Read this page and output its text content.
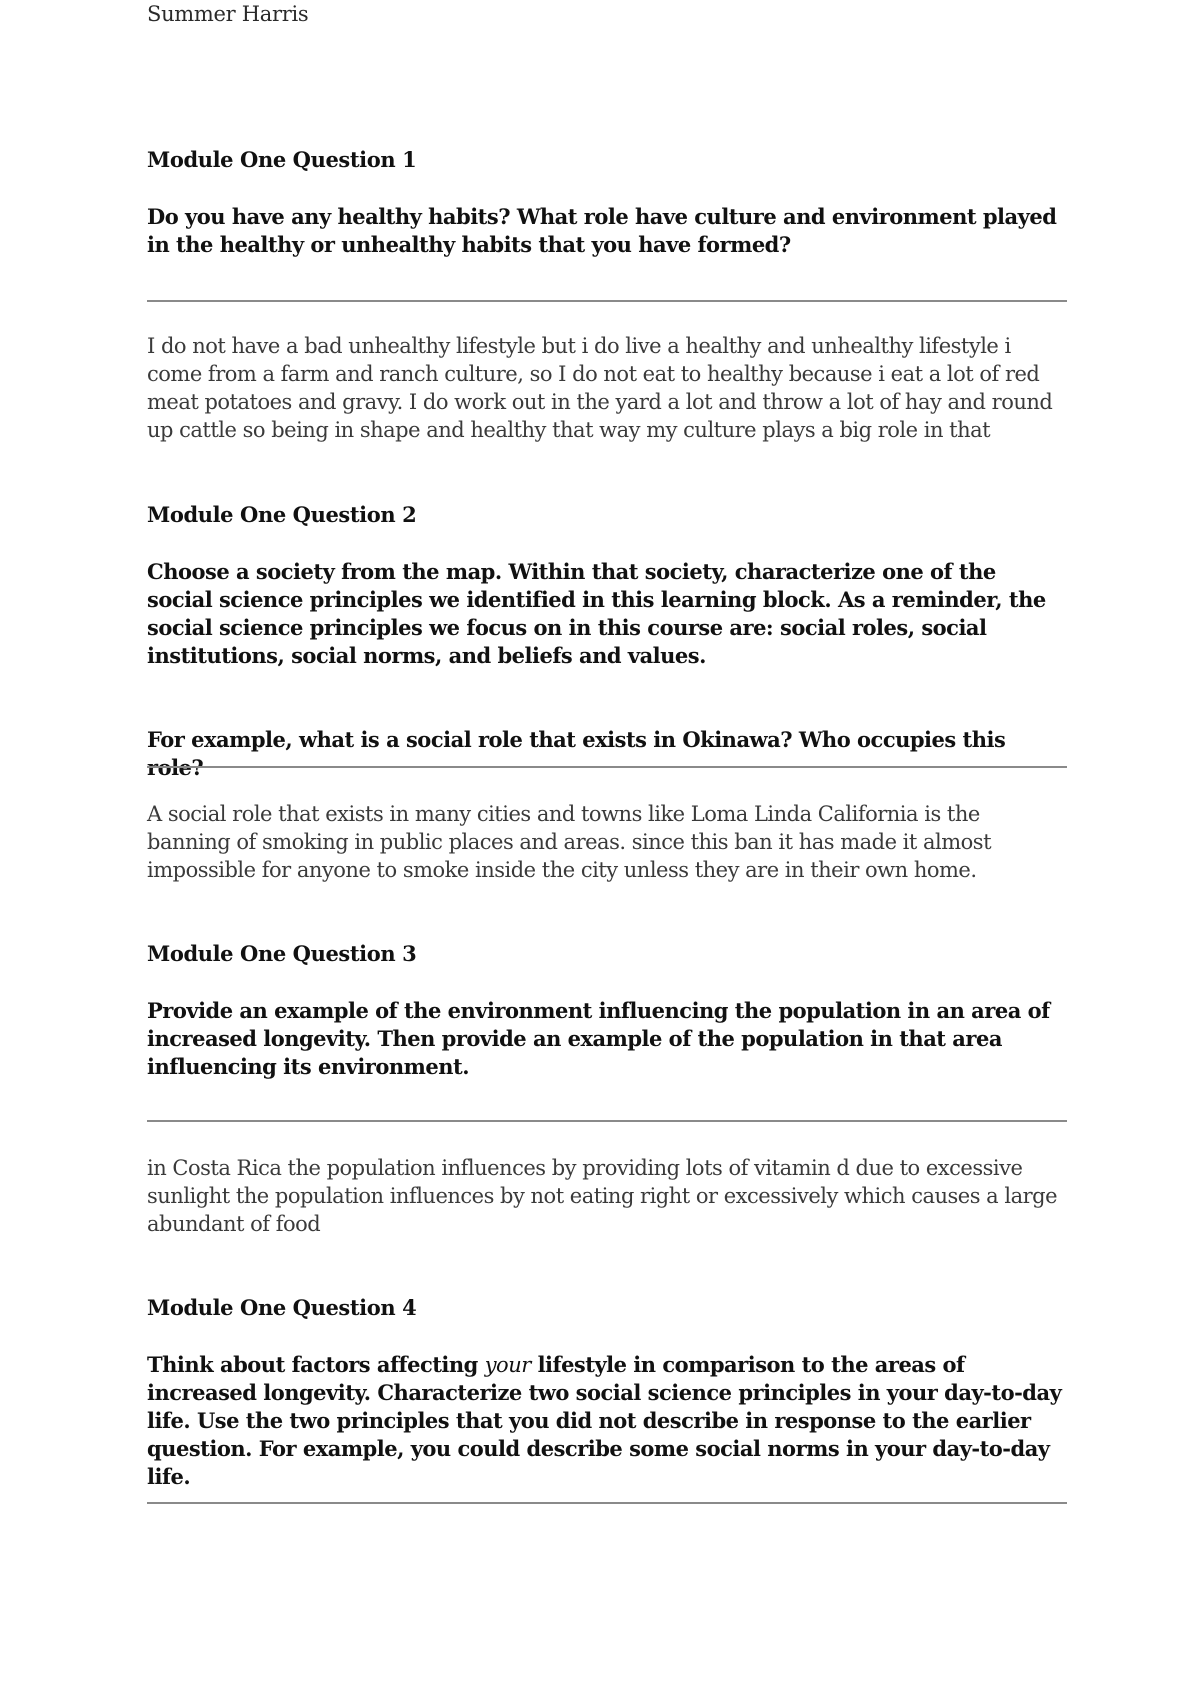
Summer Harris
Module One Question 1
Do you have any healthy habits? What role have culture and environment played in the healthy or unhealthy habits that you have formed?
I do not have a bad unhealthy lifestyle but i do live a healthy and unhealthy lifestyle i come from a farm and ranch culture, so I do not eat to healthy because i eat a lot of red meat potatoes and gravy. I do work out in the yard a lot and throw a lot of hay and round up cattle so being in shape and healthy that way my culture plays a big role in that
Module One Question 2
Choose a society from the map. Within that society, characterize one of the social science principles we identified in this learning block. As a reminder, the social science principles we focus on in this course are: social roles, social institutions, social norms, and beliefs and values.
For example, what is a social role that exists in Okinawa? Who occupies this role?
A social role that exists in many cities and towns like Loma Linda California is the banning of smoking in public places and areas. since this ban it has made it almost impossible for anyone to smoke inside the city unless they are in their own home.
Module One Question 3
Provide an example of the environment influencing the population in an area of increased longevity. Then provide an example of the population in that area influencing its environment.
in Costa Rica the population influences by providing lots of vitamin d due to excessive sunlight the population influences by not eating right or excessively which causes a large abundant of food
Module One Question 4
Think about factors affecting your lifestyle in comparison to the areas of increased longevity. Characterize two social science principles in your day-to-day life. Use the two principles that you did not describe in response to the earlier question. For example, you could describe some social norms in your day-to-day life.
